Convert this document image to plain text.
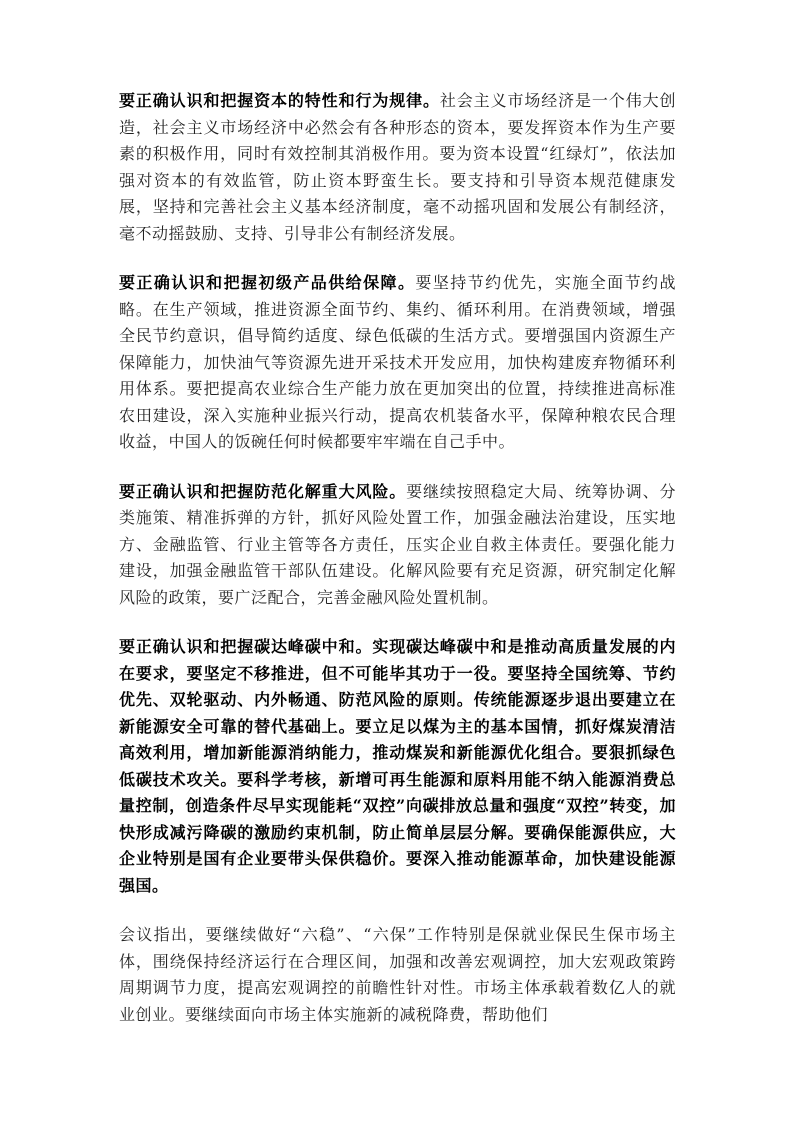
要正确认识和把握资本的特性和行为规律。社会主义市场经济是一个伟大创造，社会主义市场经济中必然会有各种形态的资本，要发挥资本作为生产要素的积极作用，同时有效控制其消极作用。要为资本设置“红绿灯”，依法加强对资本的有效监管，防止资本野蛮生长。要支持和引导资本规范健康发展，坚持和完善社会主义基本经济制度，毫不动摇巩固和发展公有制经济，毫不动摇鼓励、支持、引导非公有制经济发展。

要正确认识和把握初级产品供给保障。要坚持节约优先，实施全面节约战略。在生产领域，推进资源全面节约、集约、循环利用。在消费领域，增强全民节约意识，倡导简约适度、绿色低碳的生活方式。要增强国内资源生产保障能力，加快油气等资源先进开采技术开发应用，加快构建废弃物循环利用体系。要把提高农业综合生产能力放在更加突出的位置，持续推进高标准农田建设，深入实施种业振兴行动，提高农机装备水平，保障种粮农民合理收益，中国人的饭碗任何时候都要牢牢端在自己手中。

要正确认识和把握防范化解重大风险。要继续按照稳定大局、统筹协调、分类施策、精准拆弹的方针，抓好风险处置工作，加强金融法治建设，压实地方、金融监管、行业主管等各方责任，压实企业自救主体责任。要强化能力建设，加强金融监管干部队伍建设。化解风险要有充足资源，研究制定化解风险的政策，要广泛配合，完善金融风险处置机制。

要正确认识和把握碳达峰碳中和。实现碳达峰碳中和是推动高质量发展的内在要求，要坚定不移推进，但不可能毕其功于一役。要坚持全国统筹、节约优先、双轮驱动、内外畅通、防范风险的原则。传统能源逐步退出要建立在新能源安全可靠的替代基础上。要立足以煤为主的基本国情，抓好煤炭清洁高效利用，增加新能源消纳能力，推动煤炭和新能源优化组合。要狠抓绿色低碳技术攻关。要科学考核，新增可再生能源和原料用能不纳入能源消费总量控制，创造条件尽早实现能耗“双控”向碳排放总量和强度“双控”转变，加快形成减污降碳的激励约束机制，防止简单层层分解。要确保能源供应，大企业特别是国有企业要带头保供稳价。要深入推动能源革命，加快建设能源强国。

会议指出，要继续做好“六稳”、“六保”工作特别是保就业保民生保市场主体，围绕保持经济运行在合理区间，加强和改善宏观调控，加大宏观政策跨周期调节力度，提高宏观调控的前瞻性针对性。市场主体承载着数亿人的就业创业。要继续面向市场主体实施新的减税降费，帮助他们
